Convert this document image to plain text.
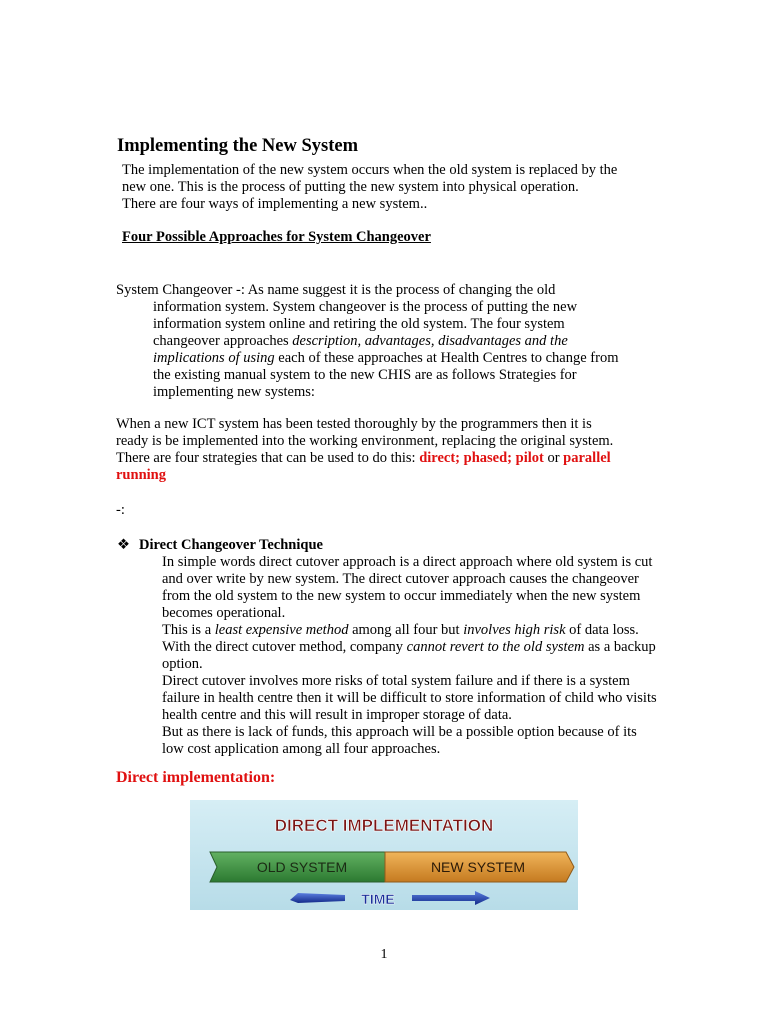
Implementing the New System
The implementation of the new system occurs when the old system is replaced by the
new one. This is the process of putting the new system into physical operation.
There are four ways of implementing a new system..
Four Possible Approaches for System Changeover
System Changeover -: As name suggest it is the process of changing the old
information system. System changeover is the process of putting the new
information system online and retiring the old system. The four system
changeover approaches description, advantages, disadvantages and the
implications of using each of these approaches at Health Centres to change from
the existing manual system to the new CHIS are as follows Strategies for
implementing new systems:
When a new ICT system has been tested thoroughly by the programmers then it is
ready is be implemented into the working environment, replacing the original system.
There are four strategies that can be used to do this: direct; phased; pilot or parallel
running
-:
❖ Direct Changeover Technique

In simple words direct cutover approach is a direct approach where old system is cut and over write by new system. The direct cutover approach causes the changeover from the old system to the new system to occur immediately when the new system becomes operational.

This is a least expensive method among all four but involves high risk of data loss. With the direct cutover method, company cannot revert to the old system as a backup option.

Direct cutover involves more risks of total system failure and if there is a system failure in health centre then it will be difficult to store information of child who visits health centre and this will result in improper storage of data.

But as there is lack of funds, this approach will be a possible option because of its low cost application among all four approaches.

Direct implementation:
DIRECT IMPLEMENTATION
OLD SYSTEM	NEW SYSTEM
TIME
1
